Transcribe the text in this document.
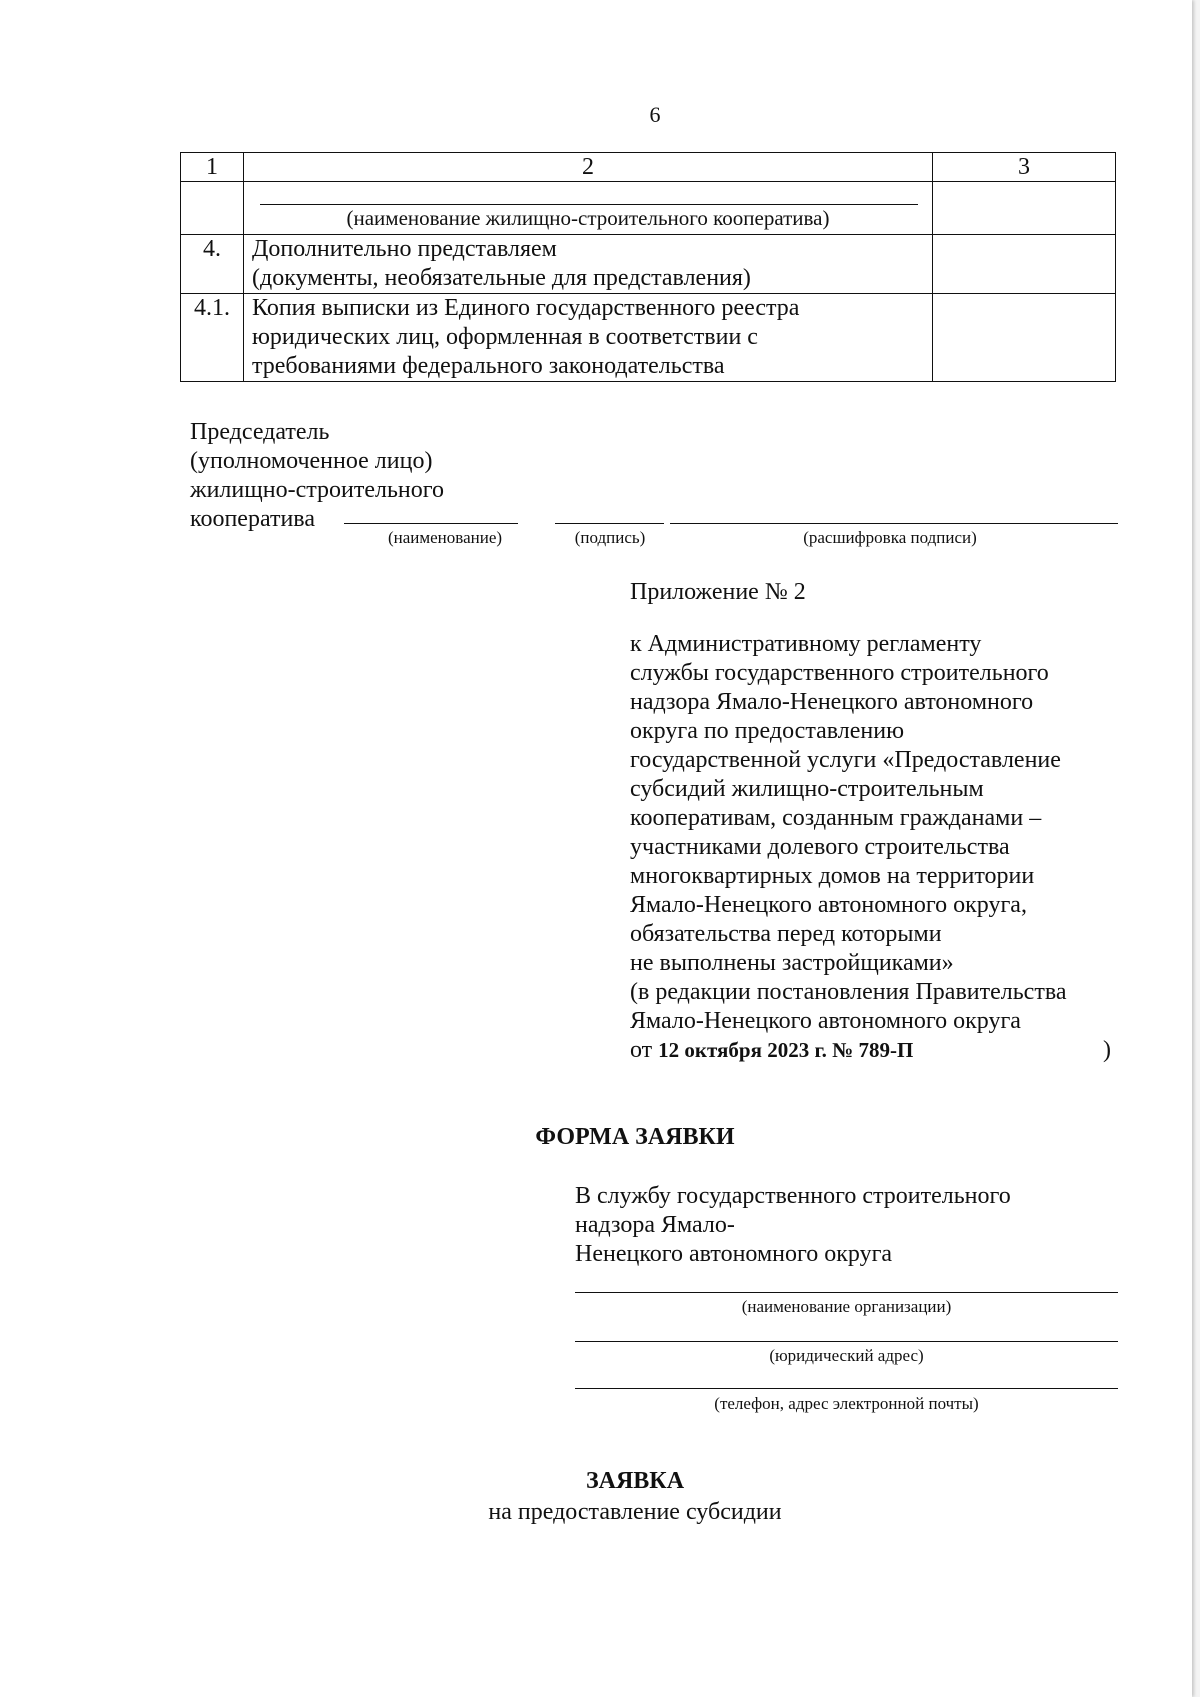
6
1	2	3

	(наименование жилищно-строительного кооператива)	

4.	Дополнительно представляем
(документы, необязательные для представления)	

4.1.	Копия выписки из Единого государственного реестра
юридических лиц, оформленная в соответствии с
требованиями федерального законодательства	

Председатель
(уполномоченное лицо)
жилищно-строительного
кооператива
(наименование)	(подпись)	(расшифровка подписи)
Приложение № 2
к Административному регламенту
службы государственного строительного
надзора Ямало-Ненецкого автономного
округа по предоставлению
государственной услуги «Предоставление
субсидий жилищно-строительным
кооперативам, созданным гражданами –
участниками долевого строительства
многоквартирных домов на территории
Ямало-Ненецкого автономного округа,
обязательства перед которыми
не выполнены застройщиками»
(в редакции постановления Правительства
Ямало-Ненецкого автономного округа
от 12 октября 2023 г. № 789-П	)
ФОРМА ЗАЯВКИ
В службу государственного строительного
надзора Ямало-
Ненецкого автономного округа
(наименование организации)
(юридический адрес)
(телефон, адрес электронной почты)
ЗАЯВКА
на предоставление субсидии
